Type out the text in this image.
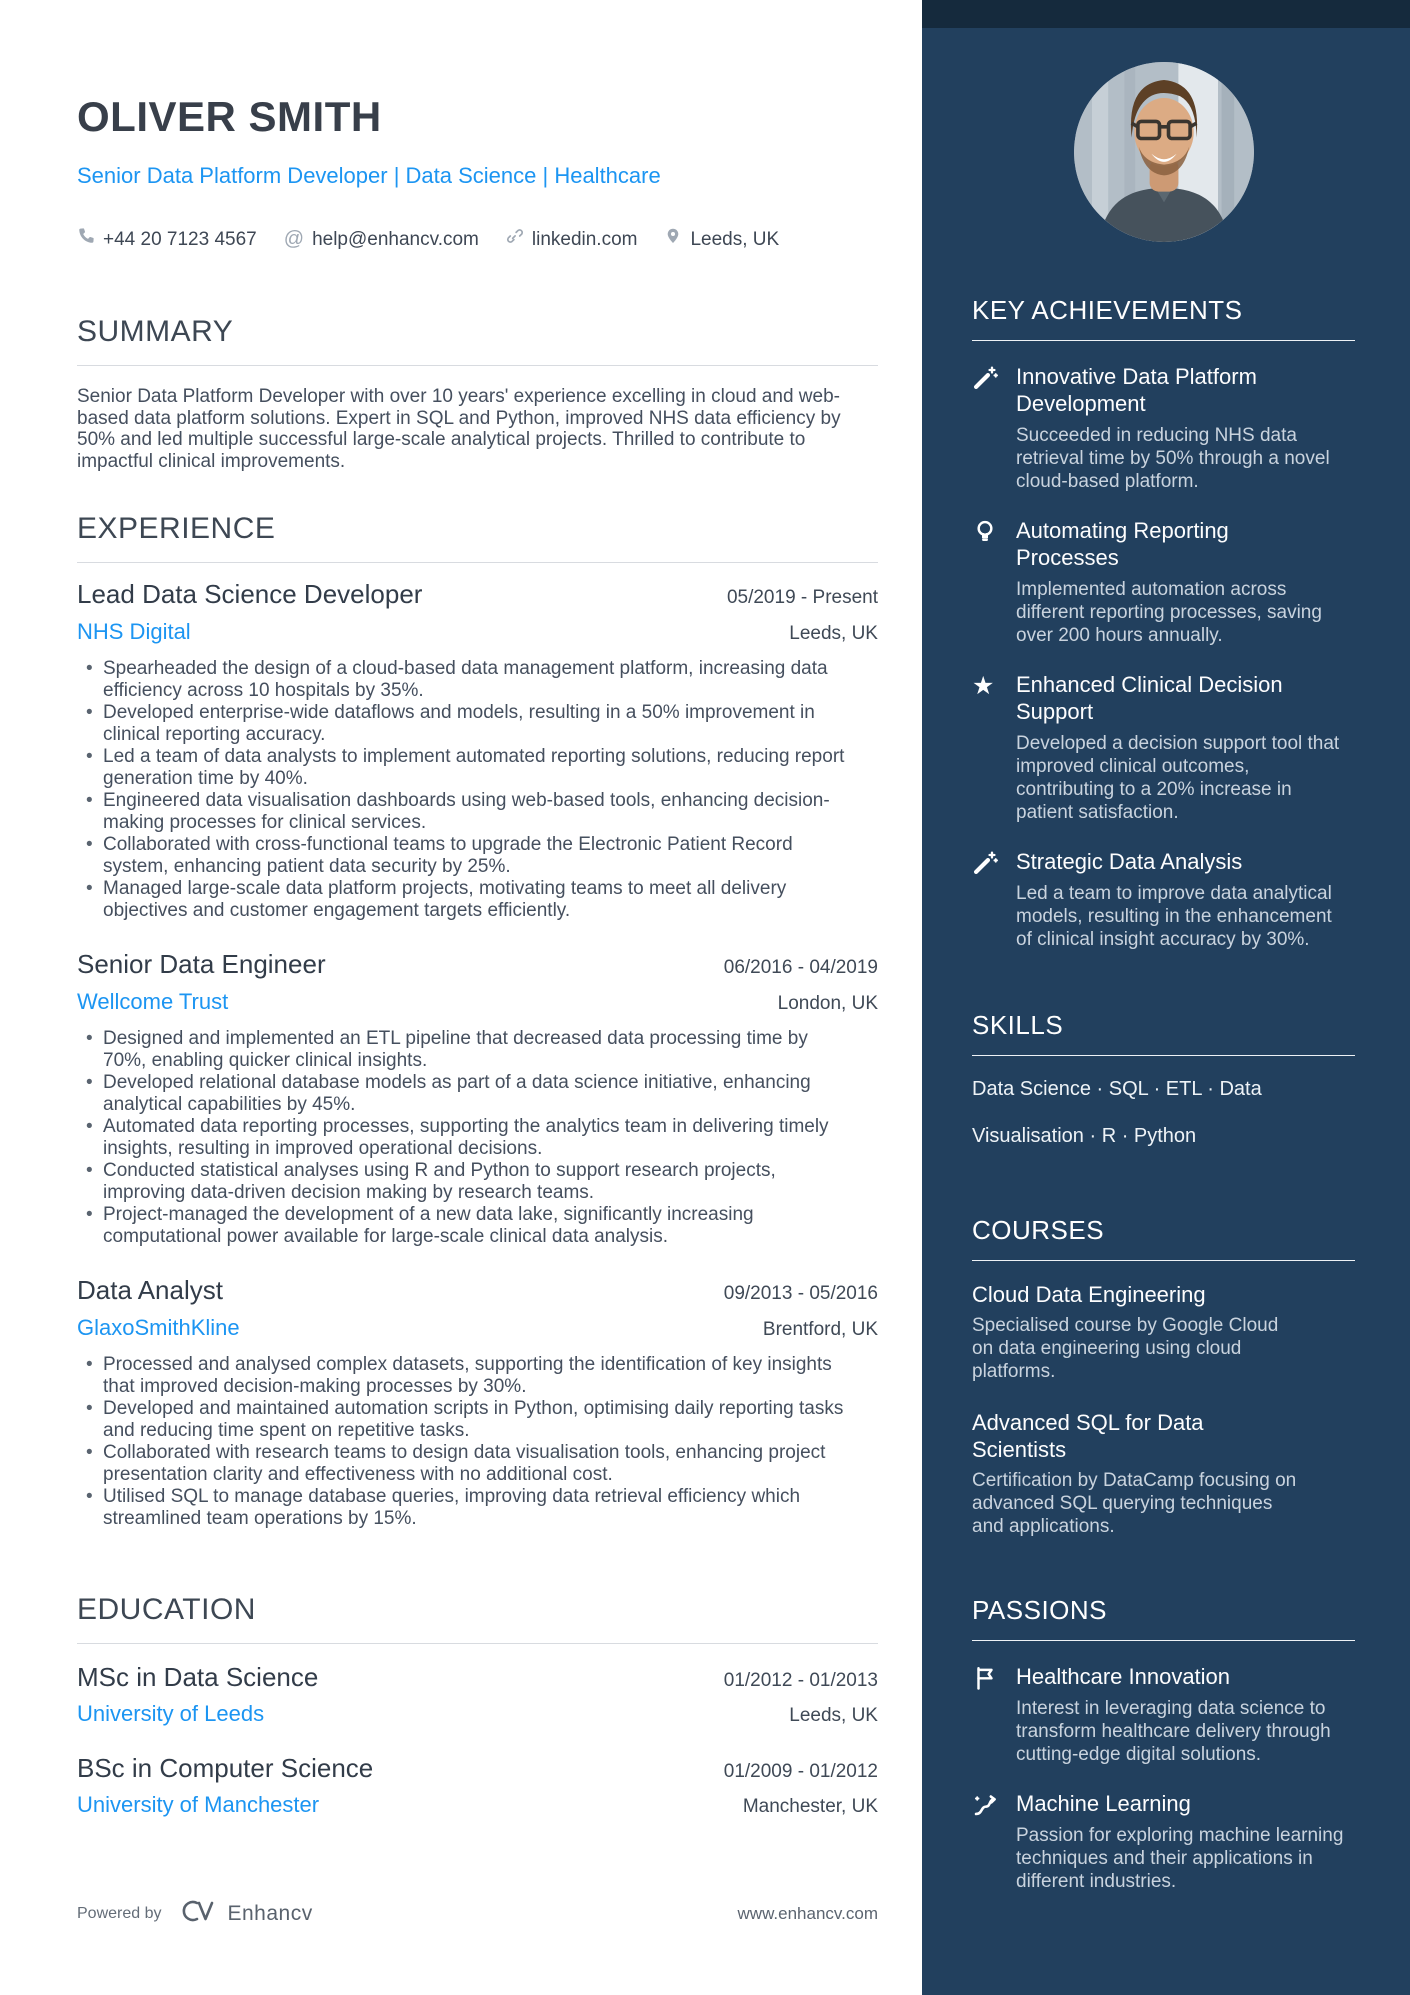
OLIVER SMITH
Senior Data Platform Developer | Data Science | Healthcare
+44 20 7123 4567 @ help@enhancv.com	linkedin.com	Leeds, UK
SUMMARY

Senior Data Platform Developer with over 10 years' experience excelling in cloud and web-based data platform solutions. Expert in SQL and Python, improved NHS data efficiency by 50% and led multiple successful large-scale analytical projects. Thrilled to contribute to impactful clinical improvements.

EXPERIENCE
Lead Data Science Developer	05/2019 - Present
NHS Digital	Leeds, UK
• Spearheaded the design of a cloud-based data management platform, increasing data efficiency across 10 hospitals by 35%.
• Developed enterprise-wide dataflows and models, resulting in a 50% improvement in clinical reporting accuracy.
• Led a team of data analysts to implement automated reporting solutions, reducing report generation time by 40%.
• Engineered data visualisation dashboards using web-based tools, enhancing decision-making processes for clinical services.
• Collaborated with cross-functional teams to upgrade the Electronic Patient Record system, enhancing patient data security by 25%.
• Managed large-scale data platform projects, motivating teams to meet all delivery objectives and customer engagement targets efficiently.
Senior Data Engineer	06/2016 - 04/2019
Wellcome Trust	London, UK
• Designed and implemented an ETL pipeline that decreased data processing time by 70%, enabling quicker clinical insights.
• Developed relational database models as part of a data science initiative, enhancing analytical capabilities by 45%.
• Automated data reporting processes, supporting the analytics team in delivering timely insights, resulting in improved operational decisions.
• Conducted statistical analyses using R and Python to support research projects, improving data-driven decision making by research teams.
• Project-managed the development of a new data lake, significantly increasing computational power available for large-scale clinical data analysis.
Data Analyst	09/2013 - 05/2016
GlaxoSmithKline	Brentford, UK
• Processed and analysed complex datasets, supporting the identification of key insights that improved decision-making processes by 30%.
• Developed and maintained automation scripts in Python, optimising daily reporting tasks and reducing time spent on repetitive tasks.
• Collaborated with research teams to design data visualisation tools, enhancing project presentation clarity and effectiveness with no additional cost.
• Utilised SQL to manage database queries, improving data retrieval efficiency which streamlined team operations by 15%.
EDUCATION
MSc in Data Science	01/2012 - 01/2013
University of Leeds	Leeds, UK
BSc in Computer Science	01/2009 - 01/2012
University of Manchester	Manchester, UK
Powered by	Enhancv	www.enhancv.com
KEY ACHIEVEMENTS
Innovative Data Platform Development
Succeeded in reducing NHS data retrieval time by 50% through a novel cloud-based platform.
Automating Reporting Processes
Implemented automation across different reporting processes, saving over 200 hours annually.
★ Enhanced Clinical Decision Support
Developed a decision support tool that improved clinical outcomes, contributing to a 20% increase in patient satisfaction.
Strategic Data Analysis
Led a team to improve data analytical models, resulting in the enhancement of clinical insight accuracy by 30%.
SKILLS
Data Science · SQL · ETL · Data Visualisation · R · Python
COURSES
Cloud Data Engineering
Specialised course by Google Cloud on data engineering using cloud platforms.
Advanced SQL for Data Scientists
Certification by DataCamp focusing on advanced SQL querying techniques and applications.
PASSIONS
Healthcare Innovation
Interest in leveraging data science to transform healthcare delivery through cutting-edge digital solutions.
Machine Learning
Passion for exploring machine learning techniques and their applications in different industries.
